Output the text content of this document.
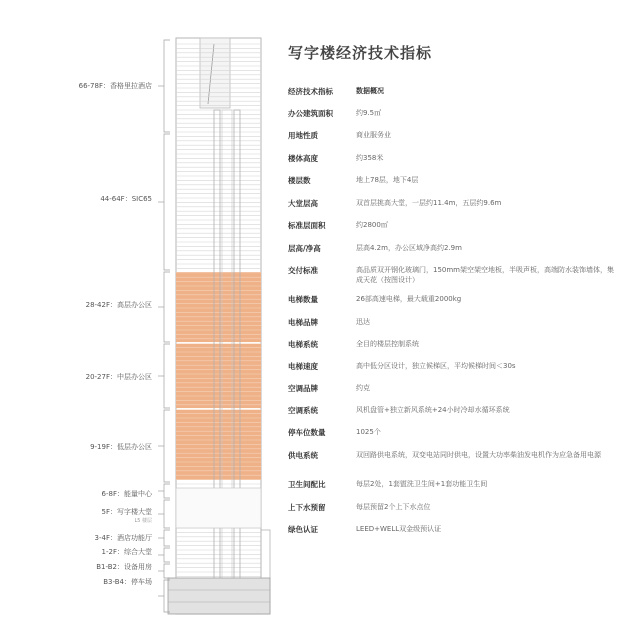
66-78F：香格里拉酒店
44-64F：SIC65
28-42F：高层办公区
20-27F：中层办公区
9-19F：低层办公区
6-8F：能量中心
5F：写字楼大堂
L5 楼层
3-4F：酒店功能厅
1-2F：综合大堂
B1-B2：设备用房
B3-B4：停车场
写字楼经济技术指标
经济技术指标	数据概况
办公建筑面积	约9.5㎡
用地性质	商业服务业
楼体高度	约358米
楼层数	地上78层，地下4层
大堂层高	双首层挑高大堂，一层约11.4m，五层约9.6m
标准层面积	约2800㎡
层高/净高	层高4.2m，办公区域净高约2.9m
交付标准	高品质双开钢化玻璃门，150mm架空架空地板，半吸声板，高端防水装饰墙体，集成天花（按图设计）
电梯数量	26部高速电梯，最大载重2000kg
电梯品牌	迅达
电梯系统	全目的楼层控制系统
电梯速度	高中低分区设计，独立候梯区，平均候梯时间＜30s
空调品牌	约克
空调系统	风机盘管+独立新风系统+24小时冷却水循环系统
停车位数量	1025个
供电系统	双回路供电系统，双变电站同时供电，设置大功率柴油发电机作为应急备用电源
卫生间配比	每层2处，1套盥洗卫生间+1套功能卫生间
上下水预留	每层预留2个上下水点位
绿色认证	LEED+WELL双金级预认证
